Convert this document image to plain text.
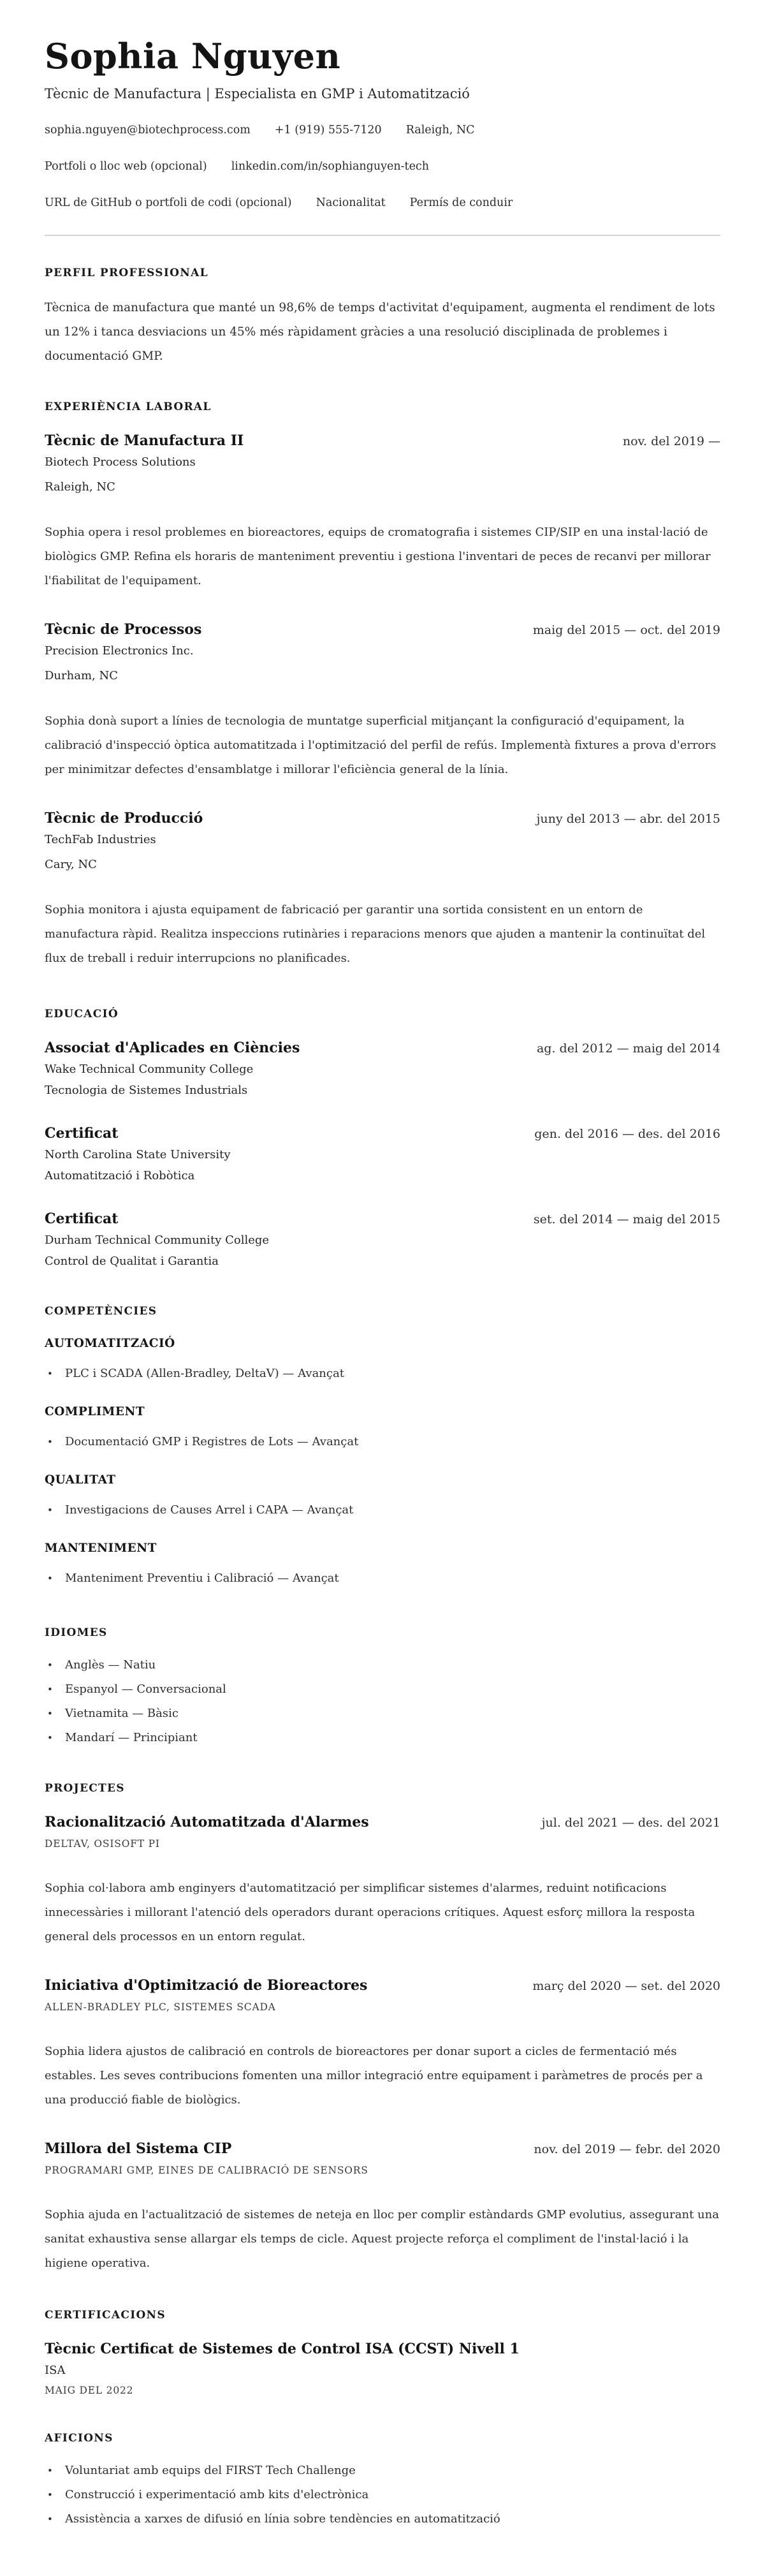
Sophia Nguyen
Tècnic de Manufactura | Especialista en GMP i Automatització
sophia.nguyen@biotechprocess.com +1 (919) 555-7120 Raleigh, NC
Portfoli o lloc web (opcional) linkedin.com/in/sophianguyen-tech
URL de GitHub o portfoli de codi (opcional) Nacionalitat Permís de conduir
PERFIL PROFESSIONAL

Tècnica de manufactura que manté un 98,6% de temps d'activitat d'equipament, augmenta el rendiment de lots un 12% i tanca desviacions un 45% més ràpidament gràcies a una resolució disciplinada de problemes i documentació GMP.

EXPERIÈNCIA LABORAL
Tècnic de Manufactura II	nov. del 2019 —
Biotech Process Solutions
Raleigh, NC

Sophia opera i resol problemes en bioreactores, equips de cromatografia i sistemes CIP/SIP en una instal·lació de biològics GMP. Refina els horaris de manteniment preventiu i gestiona l'inventari de peces de recanvi per millorar l'fiabilitat de l'equipament.

Tècnic de Processos	maig del 2015 — oct. del 2019
Precision Electronics Inc.
Durham, NC

Sophia donà suport a línies de tecnologia de muntatge superficial mitjançant la configuració d'equipament, la calibració d'inspecció òptica automatitzada i l'optimització del perfil de refús. Implementà fixtures a prova d'errors per minimitzar defectes d'ensamblatge i millorar l'eficiència general de la línia.

Tècnic de Producció	juny del 2013 — abr. del 2015
TechFab Industries
Cary, NC

Sophia monitora i ajusta equipament de fabricació per garantir una sortida consistent en un entorn de manufactura ràpid. Realitza inspeccions rutinàries i reparacions menors que ajuden a mantenir la continuïtat del flux de treball i reduir interrupcions no planificades.

EDUCACIÓ
Associat d'Aplicades en Ciències	ag. del 2012 — maig del 2014
Wake Technical Community College
Tecnologia de Sistemes Industrials
Certificat	gen. del 2016 — des. del 2016
North Carolina State University
Automatització i Robòtica
Certificat	set. del 2014 — maig del 2015
Durham Technical Community College
Control de Qualitat i Garantia
COMPETÈNCIES
AUTOMATITZACIÓ
•
PLC i SCADA (Allen-Bradley, DeltaV) — Avançat
COMPLIMENT
•
Documentació GMP i Registres de Lots — Avançat
QUALITAT
•
Investigacions de Causes Arrel i CAPA — Avançat
MANTENIMENT
•
Manteniment Preventiu i Calibració — Avançat
IDIOMES
•
Anglès — Natiu
•
Espanyol — Conversacional
•
Vietnamita — Bàsic
•
Mandarí — Principiant
PROJECTES
Racionalització Automatitzada d'Alarmes	jul. del 2021 — des. del 2021
DELTAV, OSISOFT PI

Sophia col·labora amb enginyers d'automatització per simplificar sistemes d'alarmes, reduint notificacions innecessàries i millorant l'atenció dels operadors durant operacions crítiques. Aquest esforç millora la resposta general dels processos en un entorn regulat.

Iniciativa d'Optimització de Bioreactores	març del 2020 — set. del 2020
ALLEN-BRADLEY PLC, SISTEMES SCADA

Sophia lidera ajustos de calibració en controls de bioreactores per donar suport a cicles de fermentació més estables. Les seves contribucions fomenten una millor integració entre equipament i paràmetres de procés per a una producció fiable de biològics.

Millora del Sistema CIP	nov. del 2019 — febr. del 2020
PROGRAMARI GMP, EINES DE CALIBRACIÓ DE SENSORS

Sophia ajuda en l'actualització de sistemes de neteja en lloc per complir estàndards GMP evolutius, assegurant una sanitat exhaustiva sense allargar els temps de cicle. Aquest projecte reforça el compliment de l'instal·lació i la higiene operativa.

CERTIFICACIONS
Tècnic Certificat de Sistemes de Control ISA (CCST) Nivell 1
ISA
MAIG DEL 2022
AFICIONS
•
Voluntariat amb equips del FIRST Tech Challenge
•
Construcció i experimentació amb kits d'electrònica
•
Assistència a xarxes de difusió en línia sobre tendències en automatització
